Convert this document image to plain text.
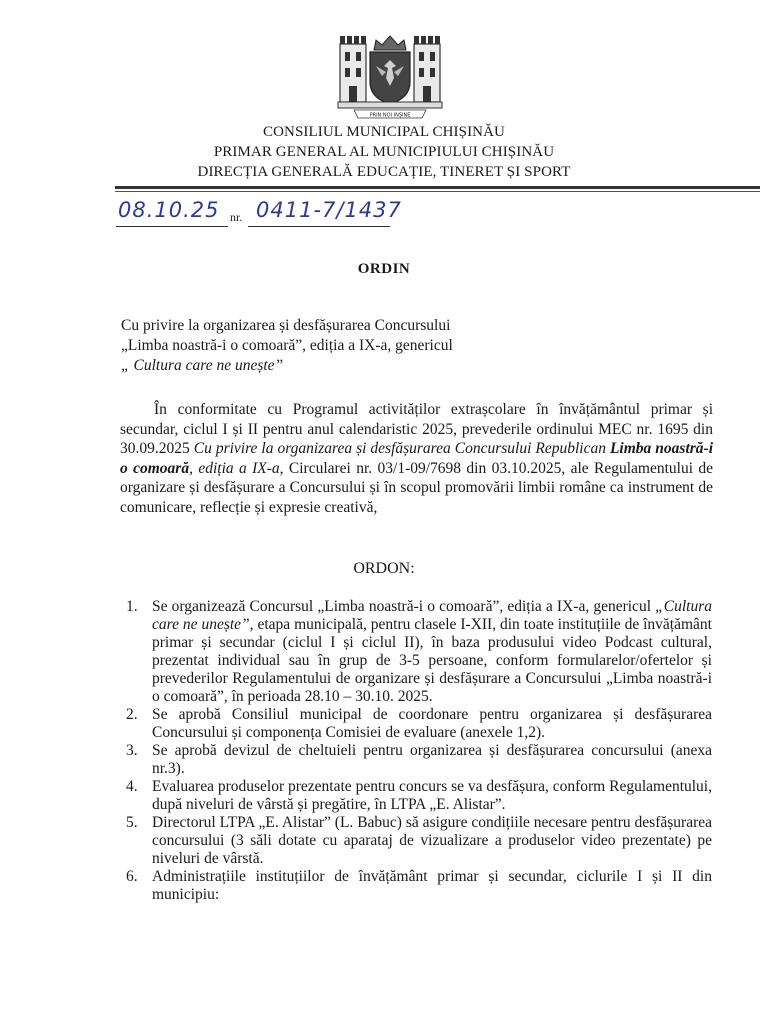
PRIN NOI INȘINE
CONSILIUL MUNICIPAL CHIȘINĂU
PRIMAR GENERAL AL MUNICIPIULUI CHIȘINĂU
DIRECȚIA GENERALĂ EDUCAȚIE, TINERET ȘI SPORT
08.10.25 nr. 0411-7/1437
ORDIN
Cu privire la organizarea și desfășurarea Concursului
„Limba noastră-i o comoară”, ediția a IX-a, genericul
„ Cultura care ne unește”
În conformitate cu Programul activităților extrașcolare în învățământul primar și secundar, ciclul I și II pentru anul calendaristic 2025, prevederile ordinului MEC nr. 1695 din 30.09.2025 Cu privire la organizarea și desfășurarea Concursului Republican Limba noastră-i o comoară, ediția a IX-a, Circularei nr. 03/1-09/7698 din 03.10.2025, ale Regulamentului de organizare și desfășurare a Concursului și în scopul promovării limbii române ca instrument de comunicare, reflecție și expresie creativă,
ORDON:
1. Se organizează Concursul „Limba noastră-i o comoară”, ediția a IX-a, genericul „Cultura care ne unește”, etapa municipală, pentru clasele I-XII, din toate instituțiile de învățământ primar și secundar (ciclul I și ciclul II), în baza produsului video Podcast cultural, prezentat individual sau în grup de 3-5 persoane, conform formularelor/ofertelor și prevederilor Regulamentului de organizare și desfășurare a Concursului „Limba noastră-i o comoară”, în perioada 28.10 – 30.10. 2025.
2. Se aprobă Consiliul municipal de coordonare pentru organizarea și desfășurarea Concursului și componența Comisiei de evaluare (anexele 1,2).
3. Se aprobă devizul de cheltuieli pentru organizarea și desfășurarea concursului (anexa nr.3).
4. Evaluarea produselor prezentate pentru concurs se va desfășura, conform Regulamentului, după niveluri de vârstă și pregătire, în LTPA „E. Alistar”.
5. Directorul LTPA „E. Alistar” (L. Babuc) să asigure condițiile necesare pentru desfășurarea concursului (3 săli dotate cu aparataj de vizualizare a produselor video prezentate) pe niveluri de vârstă.
6. Administrațiile instituțiilor de învățământ primar și secundar, ciclurile I și II din municipiu:
